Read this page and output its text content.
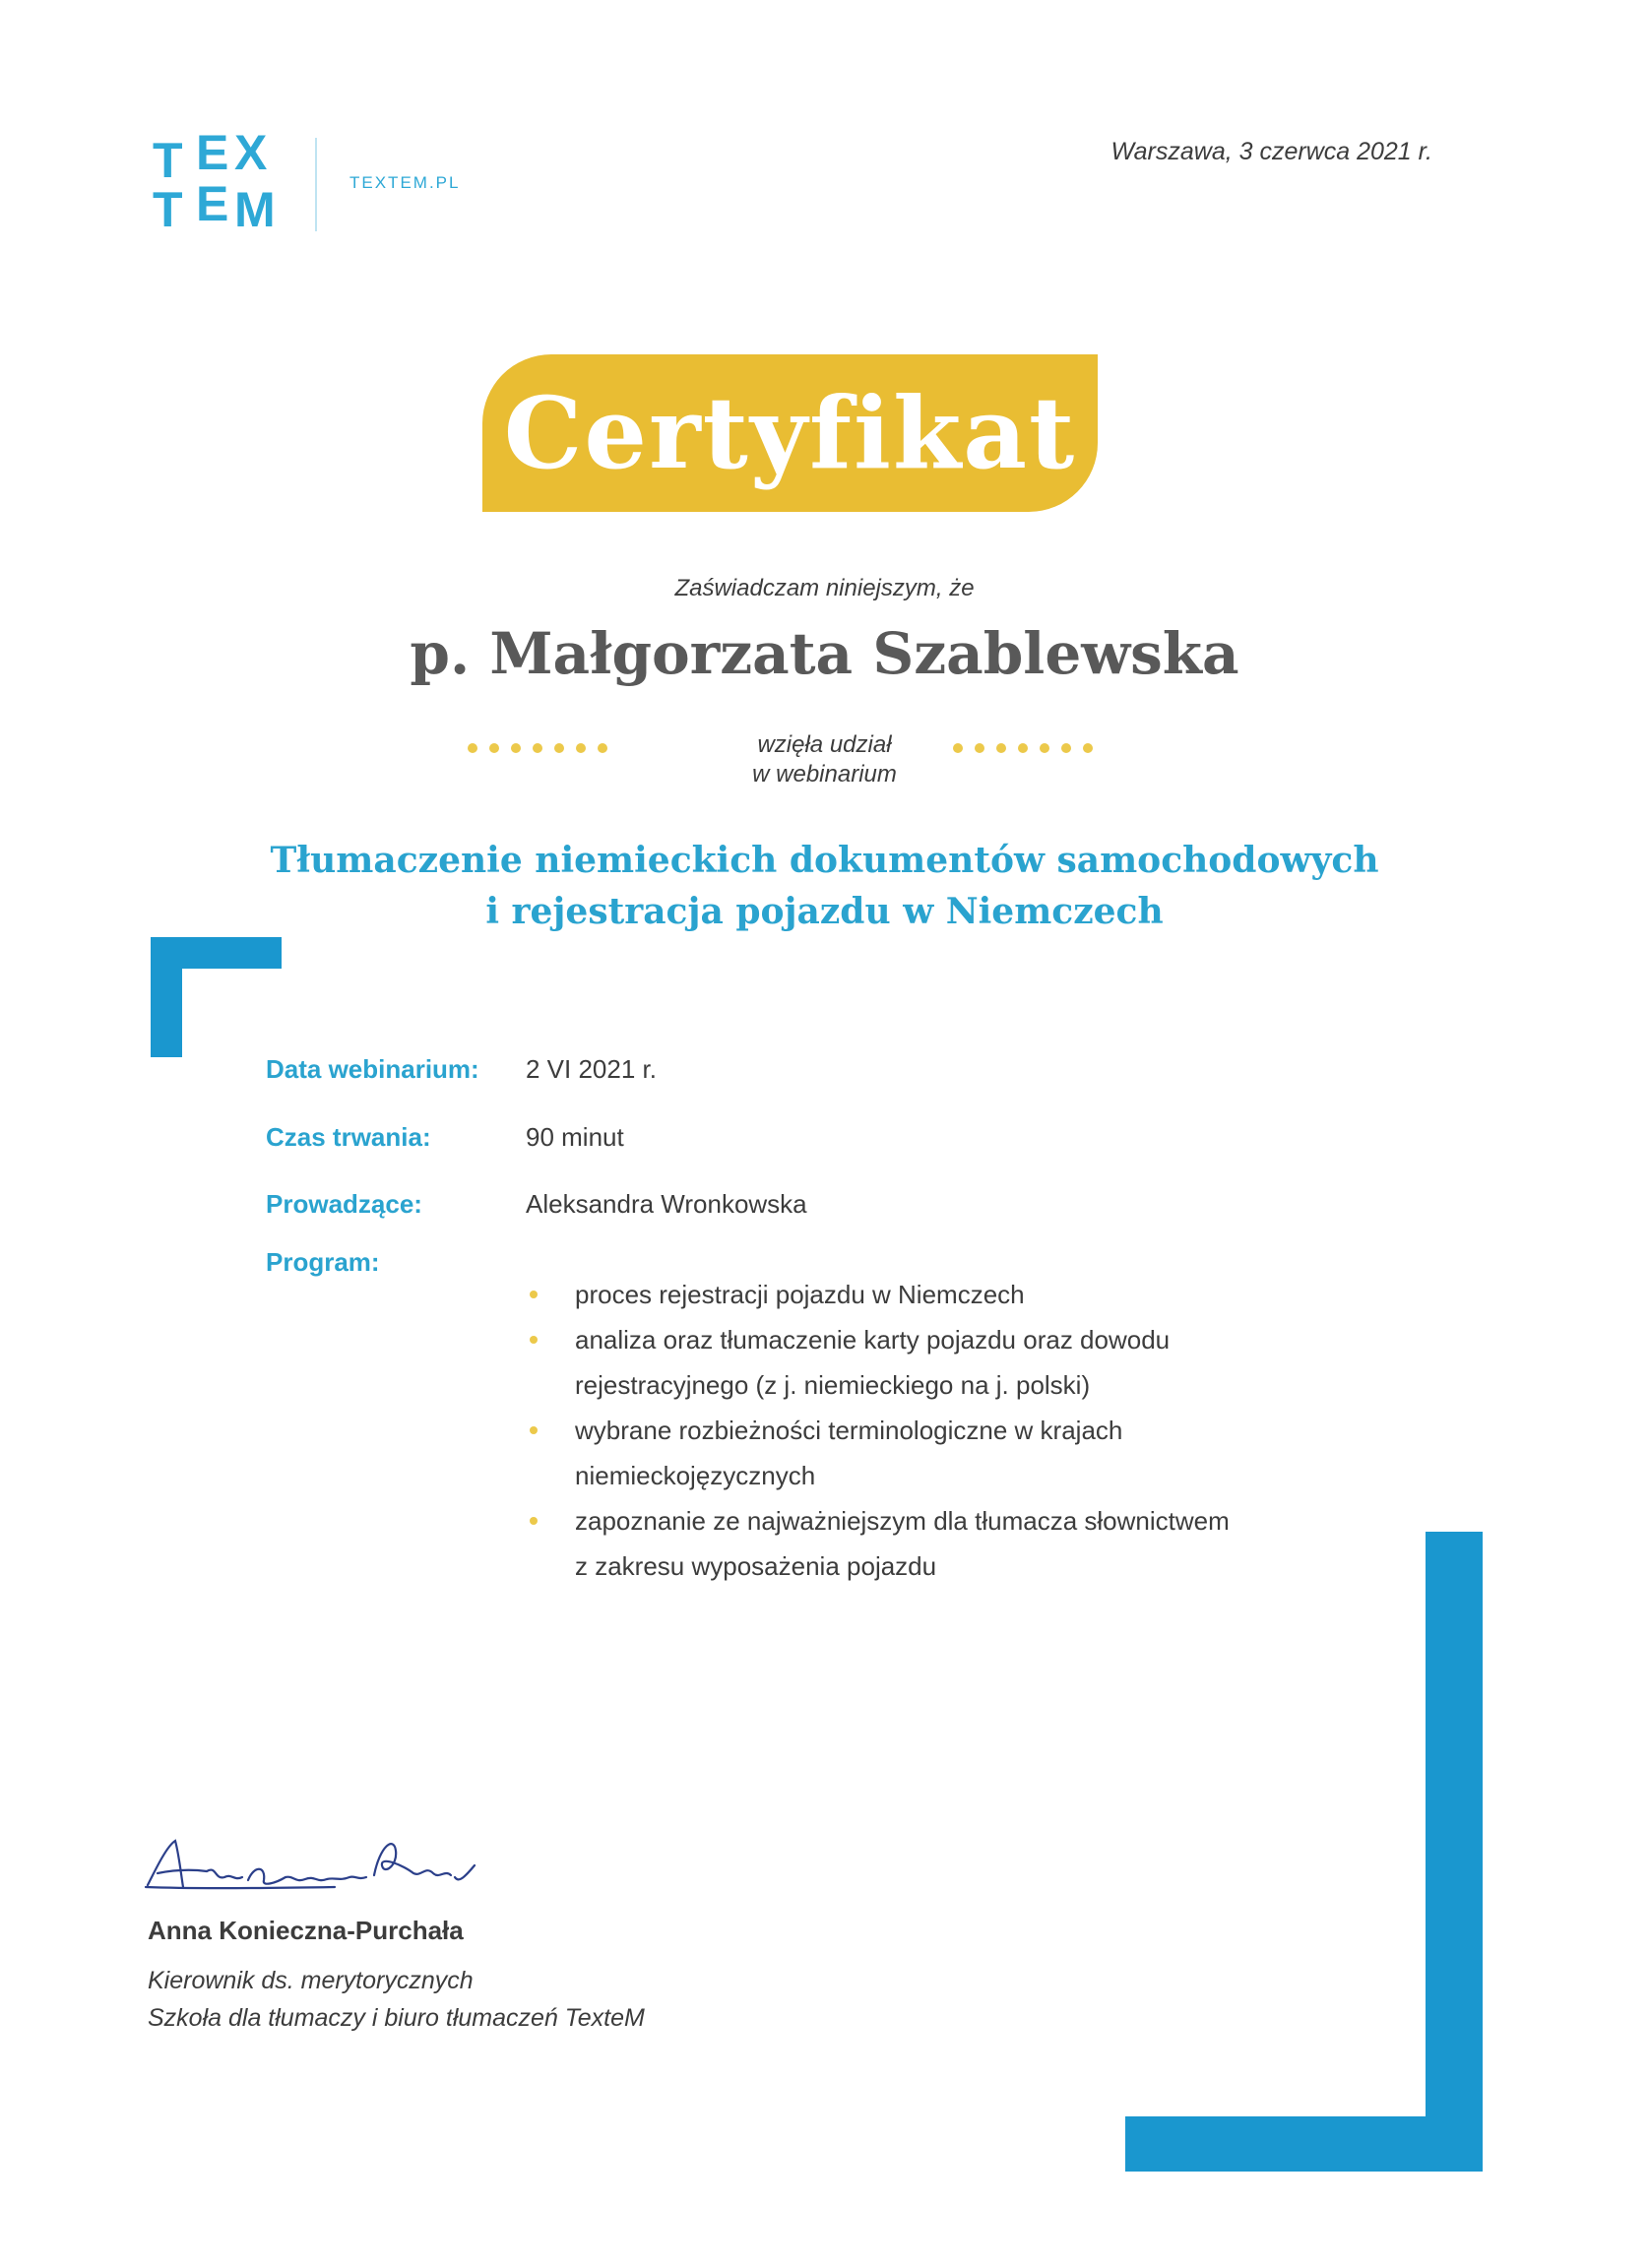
T E X
T E M	TEXTEM.PL
Warszawa, 3 czerwca 2021 r.
Certyfikat
Zaświadczam niniejszym, że
p. Małgorzata Szablewska
wzięła udział
w webinarium
Tłumaczenie niemieckich dokumentów samochodowych
i rejestracja pojazdu w Niemczech
Data webinarium: 2 VI 2021 r.
Czas trwania:	90 minut
Prowadzące:	Aleksandra Wronkowska
Program:
proces rejestracji pojazdu w Niemczech
analiza oraz tłumaczenie karty pojazdu oraz dowodu
rejestracyjnego (z j. niemieckiego na j. polski)
wybrane rozbieżności terminologiczne w krajach
niemieckojęzycznych
zapoznanie ze najważniejszym dla tłumacza słownictwem
z zakresu wyposażenia pojazdu
Anna Konieczna-Purchała
Kierownik ds. merytorycznych
Szkoła dla tłumaczy i biuro tłumaczeń TexteM
